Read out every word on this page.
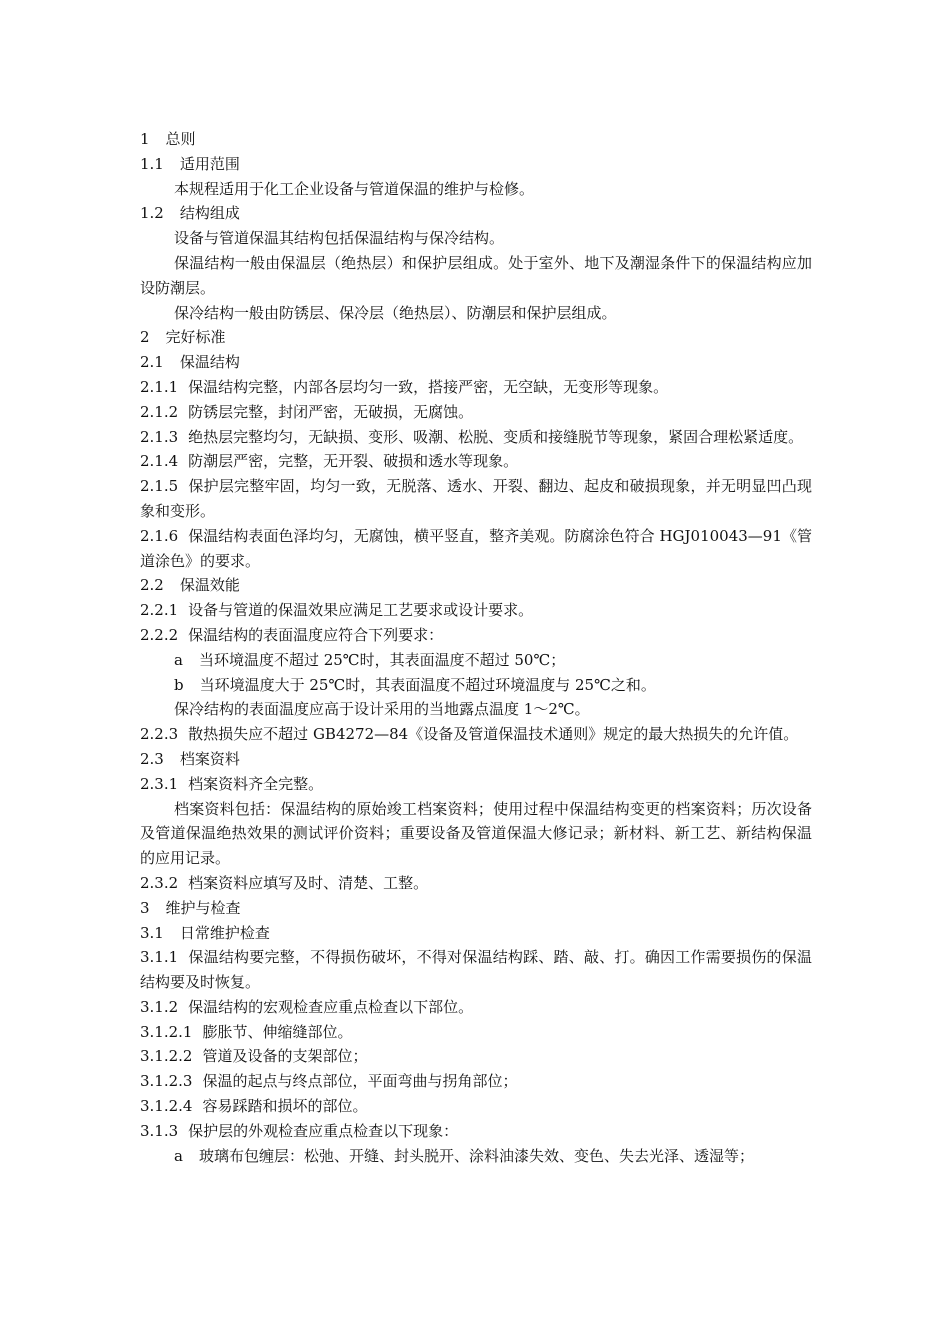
1 总则
1.1 适用范围
本规程适用于化工企业设备与管道保温的维护与检修。
1.2 结构组成
设备与管道保温其结构包括保温结构与保冷结构。
保温结构一般由保温层（绝热层）和保护层组成。处于室外、地下及潮湿条件下的保温结构应加设防潮层。
保冷结构一般由防锈层、保冷层（绝热层）、防潮层和保护层组成。
2 完好标准
2.1 保温结构
2.1.1 保温结构完整，内部各层均匀一致，搭接严密，无空缺，无变形等现象。
2.1.2 防锈层完整，封闭严密，无破损，无腐蚀。
2.1.3 绝热层完整均匀，无缺损、变形、吸潮、松脱、变质和接缝脱节等现象，紧固合理松紧适度。
2.1.4 防潮层严密，完整，无开裂、破损和透水等现象。
2.1.5 保护层完整牢固，均匀一致，无脱落、透水、开裂、翻边、起皮和破损现象，并无明显凹凸现象和变形。
2.1.6 保温结构表面色泽均匀，无腐蚀，横平竖直，整齐美观。防腐涂色符合 HGJ010043—91《管道涂色》的要求。
2.2 保温效能
2.2.1 设备与管道的保温效果应满足工艺要求或设计要求。
2.2.2 保温结构的表面温度应符合下列要求：
a 当环境温度不超过 25℃时，其表面温度不超过 50℃；
b 当环境温度大于 25℃时，其表面温度不超过环境温度与 25℃之和。
保冷结构的表面温度应高于设计采用的当地露点温度 1～2℃。
2.2.3 散热损失应不超过 GB4272—84《设备及管道保温技术通则》规定的最大热损失的允许值。
2.3 档案资料
2.3.1 档案资料齐全完整。
档案资料包括：保温结构的原始竣工档案资料；使用过程中保温结构变更的档案资料；历次设备及管道保温绝热效果的测试评价资料；重要设备及管道保温大修记录；新材料、新工艺、新结构保温的应用记录。
2.3.2 档案资料应填写及时、清楚、工整。
3 维护与检查
3.1 日常维护检查
3.1.1 保温结构要完整，不得损伤破坏，不得对保温结构踩、踏、敲、打。确因工作需要损伤的保温结构要及时恢复。
3.1.2 保温结构的宏观检查应重点检查以下部位。
3.1.2.1 膨胀节、伸缩缝部位。
3.1.2.2 管道及设备的支架部位；
3.1.2.3 保温的起点与终点部位，平面弯曲与拐角部位；
3.1.2.4 容易踩踏和损坏的部位。
3.1.3 保护层的外观检查应重点检查以下现象：
a 玻璃布包缠层：松弛、开缝、封头脱开、涂料油漆失效、变色、失去光泽、透湿等；
